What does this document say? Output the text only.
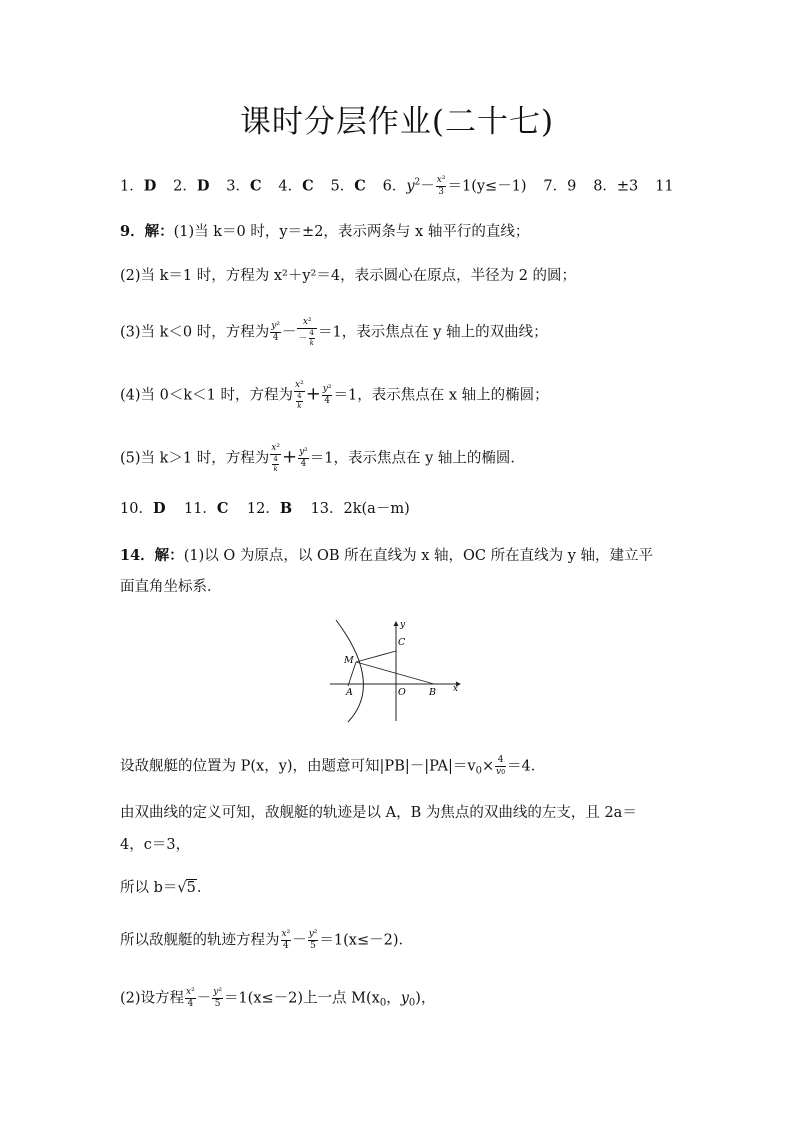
课时分层作业(二十七)
1．D 2．D 3．C 4．C 5．C 6．$y^2- \frac{\text{x²}}{3} =1(y\le-1)$ 7．9 8．±3 11
9．解：(1)当 k＝0 时，y＝±2，表示两条与 x 轴平行的直线；
(2)当 k＝1 时，方程为 x²＋y²＝4，表示圆心在原点，半径为 2 的圆；
(3)当 k＜0 时，方程为 $\frac{\text{y²}}{4} - \frac{\text{x²}}{- \frac{4}{k}} =1$，表示焦点在 y 轴上的双曲线；
(4)当 0＜k＜1 时，方程为 $\frac{\text{x²}}{\frac{4}{k}} + \frac{\text{y²}}{4} =1$，表示焦点在 x 轴上的椭圆；
(5)当 k＞1 时，方程为 $\frac{\text{x²}}{\frac{4}{k}} + \frac{\text{y²}}{4} =1$，表示焦点在 y 轴上的椭圆．
10．D 11．C 12．B 13．2k(a－m)
14．解：(1)以 O 为原点，以 OB 所在直线为 x 轴，OC 所在直线为 y 轴，建立平
面直角坐标系．
y
x
C
M
A	O B
设敌舰艇的位置为 P(x，y)，由题意可知$|PB|-|PA|=v_0\times \frac{4}{v0} =4$．
由双曲线的定义可知，敌舰艇的轨迹是以 A，B 为焦点的双曲线的左支，且 2a＝
4，c＝3，
所以 b＝√5．
所以敌舰艇的轨迹方程为 $\frac{\text{x²}}{4} - \frac{\text{y²}}{5} =1(x\le-2)$．
(2)设方程 $\frac{\text{x²}}{4} - \frac{\text{y²}}{5} =1(x\le-2)$上一点 $M(x_0$，$y_0$)，
